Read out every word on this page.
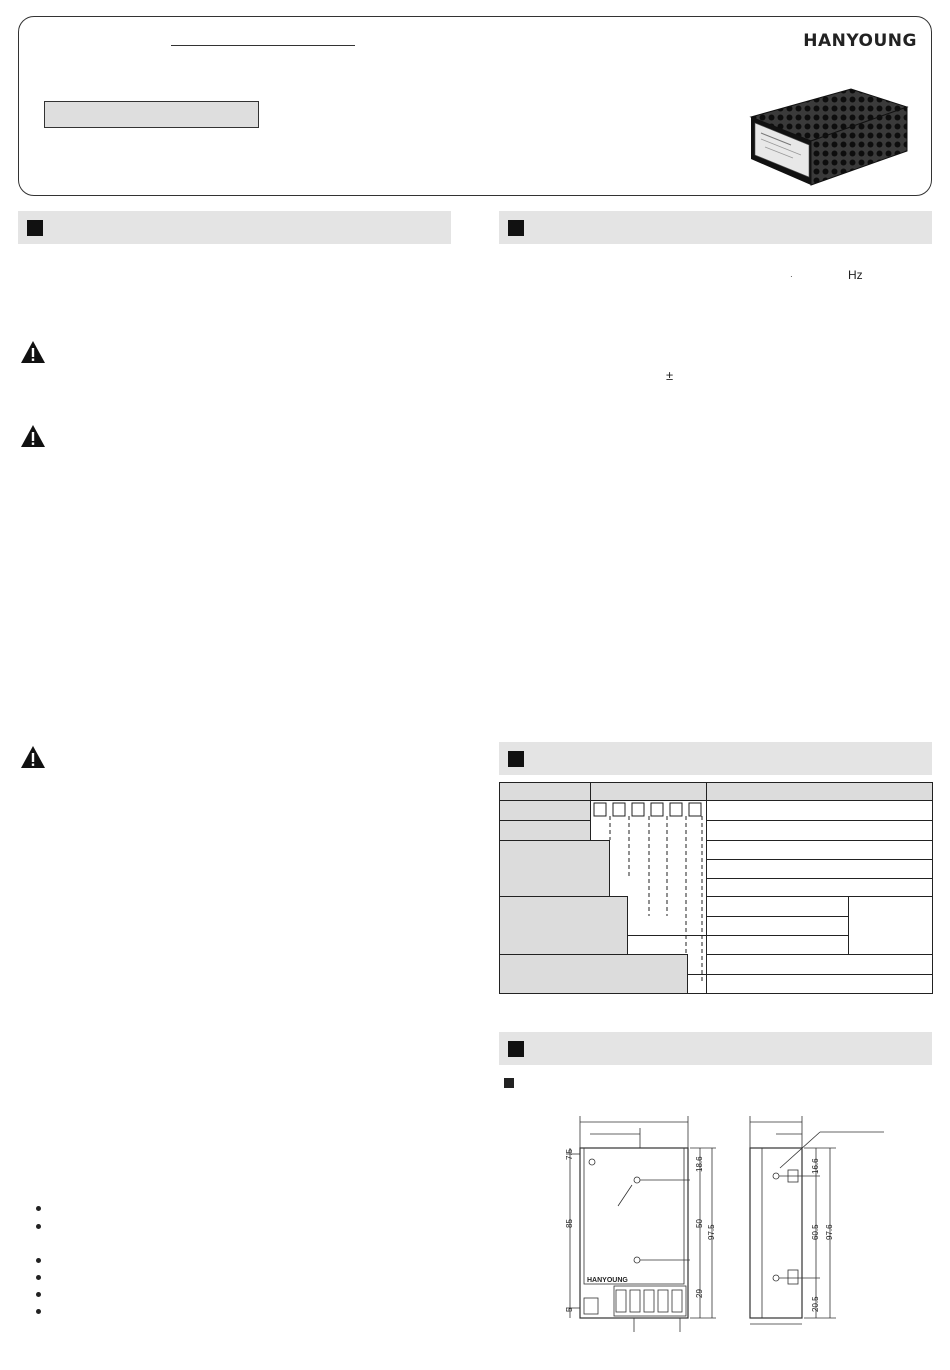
HANYOUNG
·	Hz
±
7.5
18.6
85	50
97.5
29
5
16.6
60.5 97.6
20.5
HANYOUNG
